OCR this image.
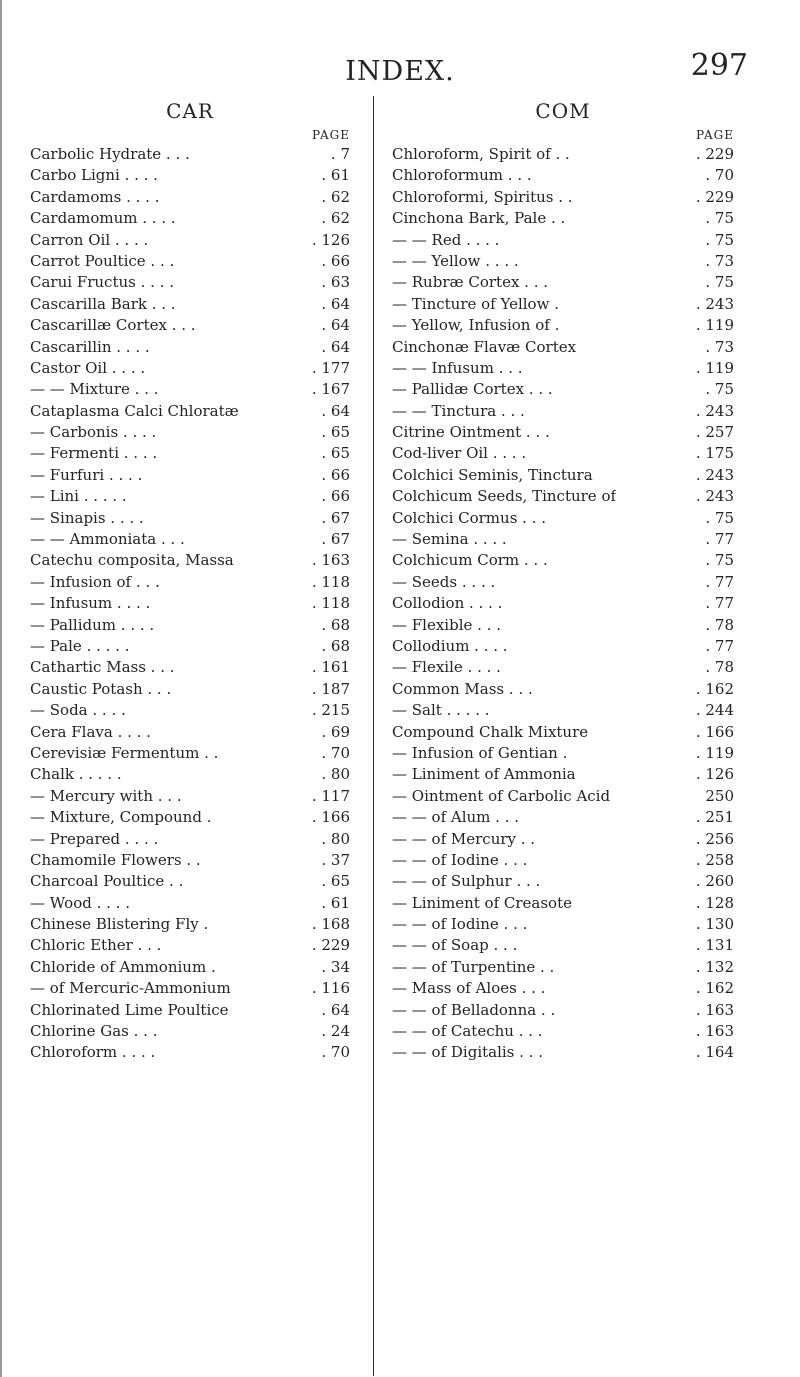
INDEX.	297
CAR
PAGE
Carbolic Hydrate . . .	. 7
Carbo Ligni . . . .	. 61
Cardamoms . . . .	. 62
Cardamomum . . . .	. 62
Carron Oil . . . .	. 126
Carrot Poultice . . .	. 66
Carui Fructus . . . .	. 63
Cascarilla Bark . . .	. 64
Cascarillæ Cortex . . .	. 64
Cascarillin . . . .	. 64
Castor Oil . . . .	. 177
— — Mixture . . .	. 167
Cataplasma Calci Chloratæ	. 64
— Carbonis . . . .	. 65
— Fermenti . . . .	. 65
— Furfuri . . . .	. 66
— Lini . . . . .	. 66
— Sinapis . . . .	. 67
— — Ammoniata . . .	. 67
Catechu composita, Massa	. 163
— Infusion of . . .	. 118
— Infusum . . . .	. 118
— Pallidum . . . .	. 68
— Pale . . . . .	. 68
Cathartic Mass . . .	. 161
Caustic Potash . . .	. 187
— Soda . . . .	. 215
Cera Flava . . . .	. 69
Cerevisiæ Fermentum . .	. 70
Chalk . . . . .	. 80
— Mercury with . . .	. 117
— Mixture, Compound .	. 166
— Prepared . . . .	. 80
Chamomile Flowers . .	. 37
Charcoal Poultice . .	. 65
— Wood . . . .	. 61
Chinese Blistering Fly .	. 168
Chloric Ether . . .	. 229
Chloride of Ammonium .	. 34
— of Mercuric-Ammonium	. 116
Chlorinated Lime Poultice	. 64
Chlorine Gas . . .	. 24
Chloroform . . . .	. 70
COM
PAGE
Chloroform, Spirit of . .	. 229
Chloroformum . . .	. 70
Chloroformi, Spiritus . .	. 229
Cinchona Bark, Pale . .	. 75
— — Red . . . .	. 75
— — Yellow . . . .	. 73
— Rubræ Cortex . . .	. 75
— Tincture of Yellow .	. 243
— Yellow, Infusion of .	. 119
Cinchonæ Flavæ Cortex	. 73
— — Infusum . . .	. 119
— Pallidæ Cortex . . .	. 75
— — Tinctura . . .	. 243
Citrine Ointment . . .	. 257
Cod-liver Oil . . . .	. 175
Colchici Seminis, Tinctura	. 243
Colchicum Seeds, Tincture of	. 243
Colchici Cormus . . .	. 75
— Semina . . . .	. 77
Colchicum Corm . . .	. 75
— Seeds . . . .	. 77
Collodion . . . .	. 77
— Flexible . . .	. 78
Collodium . . . .	. 77
— Flexile . . . .	. 78
Common Mass . . .	. 162
— Salt . . . . .	. 244
Compound Chalk Mixture	. 166
— Infusion of Gentian .	. 119
— Liniment of Ammonia	. 126
— Ointment of Carbolic Acid	250
— — of Alum . . .	. 251
— — of Mercury . .	. 256
— — of Iodine . . .	. 258
— — of Sulphur . . .	. 260
— Liniment of Creasote	. 128
— — of Iodine . . .	. 130
— — of Soap . . .	. 131
— — of Turpentine . .	. 132
— Mass of Aloes . . .	. 162
— — of Belladonna . .	. 163
— — of Catechu . . .	. 163
— — of Digitalis . . .	. 164
